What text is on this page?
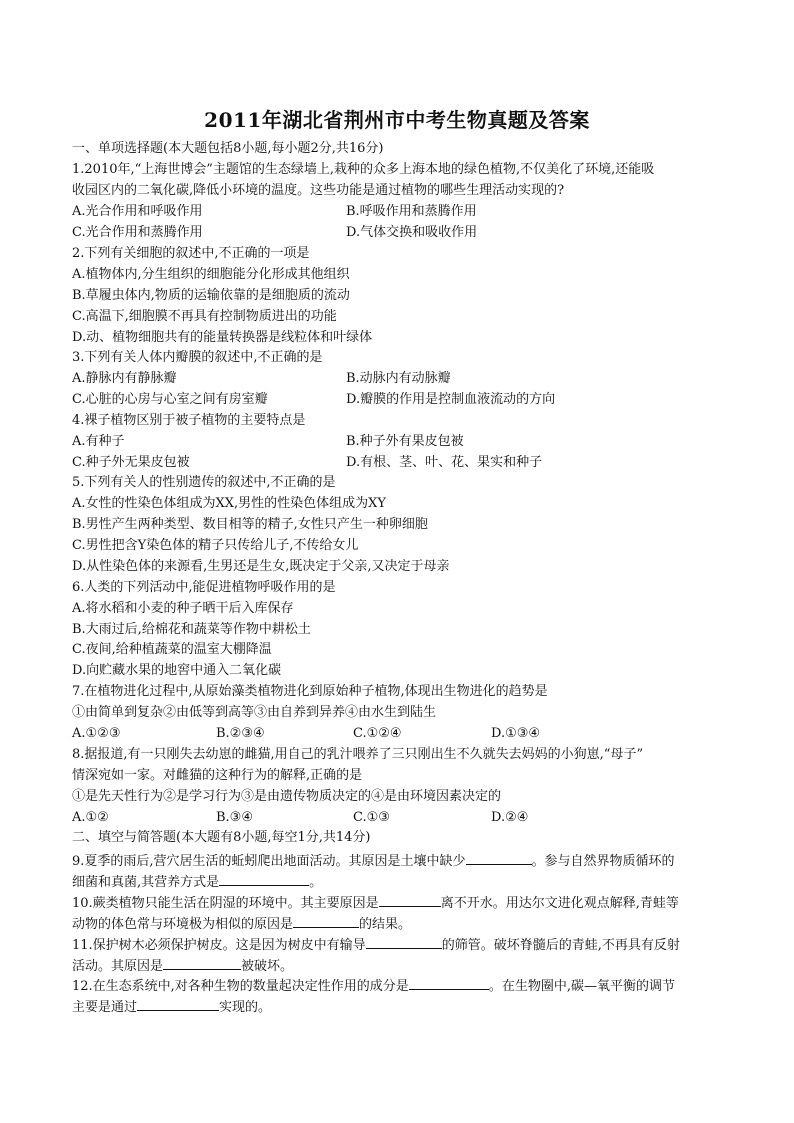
2011年湖北省荆州市中考生物真题及答案
一、单项选择题(本大题包括8小题,每小题2分,共16分)
1.2010年,“上海世博会”主题馆的生态绿墙上,栽种的众多上海本地的绿色植物,不仅美化了环境,还能吸
收园区内的二氧化碳,降低小环境的温度。这些功能是通过植物的哪些生理活动实现的?
A.光合作用和呼吸作用	B.呼吸作用和蒸腾作用
C.光合作用和蒸腾作用	D.气体交换和吸收作用
2.下列有关细胞的叙述中,不正确的一项是
A.植物体内,分生组织的细胞能分化形成其他组织
B.草履虫体内,物质的运输依靠的是细胞质的流动
C.高温下,细胞膜不再具有控制物质进出的功能
D.动、植物细胞共有的能量转换器是线粒体和叶绿体
3.下列有关人体内瓣膜的叙述中,不正确的是
A.静脉内有静脉瓣	B.动脉内有动脉瓣
C.心脏的心房与心室之间有房室瓣	D.瓣膜的作用是控制血液流动的方向
4.裸子植物区别于被子植物的主要特点是
A.有种子	B.种子外有果皮包被
C.种子外无果皮包被	D.有根、茎、叶、花、果实和种子
5.下列有关人的性别遗传的叙述中,不正确的是
A.女性的性染色体组成为XX,男性的性染色体组成为XY
B.男性产生两种类型、数目相等的精子,女性只产生一种卵细胞
C.男性把含Y染色体的精子只传给儿子,不传给女儿
D.从性染色体的来源看,生男还是生女,既决定于父亲,又决定于母亲
6.人类的下列活动中,能促进植物呼吸作用的是
A.将水稻和小麦的种子晒干后入库保存
B.大雨过后,给棉花和蔬菜等作物中耕松土
C.夜间,给种植蔬菜的温室大棚降温
D.向贮藏水果的地窖中通入二氧化碳
7.在植物进化过程中,从原始藻类植物进化到原始种子植物,体现出生物进化的趋势是
①由简单到复杂②由低等到高等③由自养到异养④由水生到陆生
A.①②③	B.②③④	C.①②④	D.①③④
8.据报道,有一只刚失去幼崽的雌猫,用自己的乳汁喂养了三只刚出生不久就失去妈妈的小狗崽,“母子”
情深宛如一家。对雌猫的这种行为的解释,正确的是
①是先天性行为②是学习行为③是由遗传物质决定的④是由环境因素决定的
A.①②	B.③④	C.①③	D.②④
二、填空与简答题(本大题有8小题,每空1分,共14分)
9.夏季的雨后,营穴居生活的蚯蚓爬出地面活动。其原因是土壤中缺少	。参与自然界物质循环的
细菌和真菌,其营养方式是	。
10.蕨类植物只能生活在阴湿的环境中。其主要原因是	离不开水。用达尔文进化观点解释,青蛙等
动物的体色常与环境极为相似的原因是	的结果。
11.保护树木必须保护树皮。这是因为树皮中有输导	的筛管。破坏脊髓后的青蛙,不再具有反射
活动。其原因是	被破坏。
12.在生态系统中,对各种生物的数量起决定性作用的成分是	。在生物圈中,碳—氧平衡的调节
主要是通过	实现的。
